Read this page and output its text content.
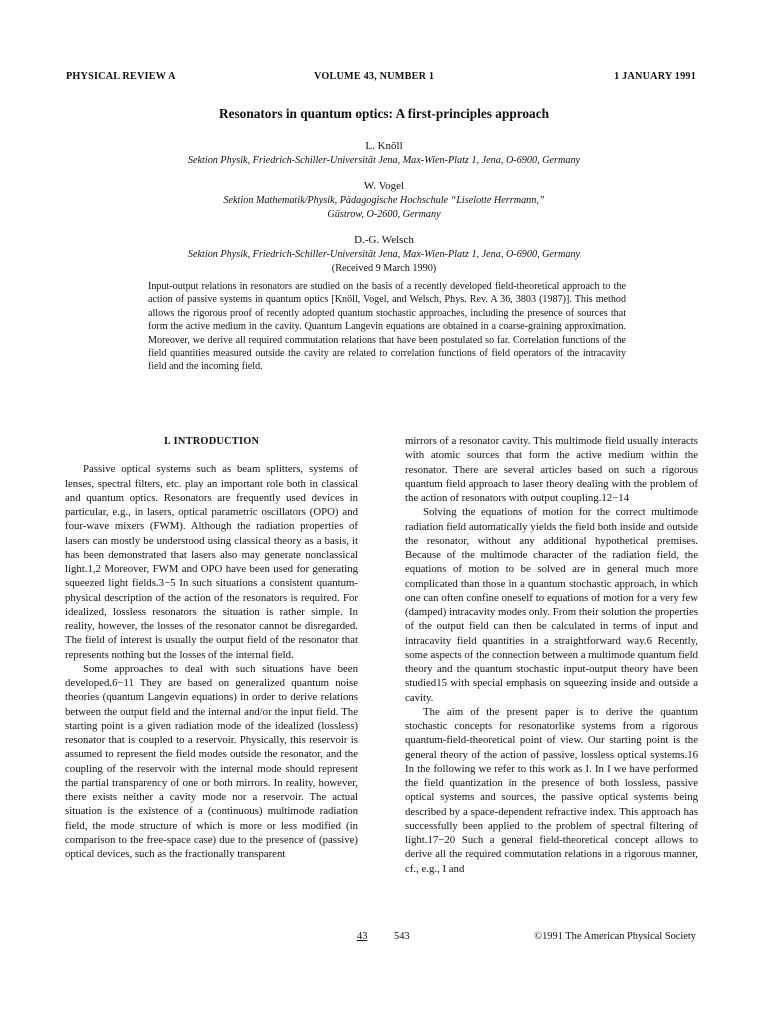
PHYSICAL REVIEW A	VOLUME 43, NUMBER 1	1 JANUARY 1991
Resonators in quantum optics: A first-principles approach
L. Knöll
Sektion Physik, Friedrich-Schiller-Universität Jena, Max-Wien-Platz 1, Jena, O-6900, Germany
W. Vogel
Sektion Mathematik/Physik, Pädagogische Hochschule “Liselotte Herrmann,”
Güstrow, O-2600, Germany
D.-G. Welsch
Sektion Physik, Friedrich-Schiller-Universität Jena, Max-Wien-Platz 1, Jena, O-6900, Germany
(Received 9 March 1990)
Input-output relations in resonators are studied on the basis of a recently developed field-theoretical approach to the action of passive systems in quantum optics [Knöll, Vogel, and Welsch, Phys. Rev. A 36, 3803 (1987)]. This method allows the rigorous proof of recently adopted quantum stochastic approaches, including the presence of sources that form the active medium in the cavity. Quantum Langevin equations are obtained in a coarse-graining approximation. Moreover, we derive all required commutation relations that have been postulated so far. Correlation functions of the field quantities measured outside the cavity are related to correlation functions of field operators of the intracavity field and the incoming field.
I. INTRODUCTION

Passive optical systems such as beam splitters, systems of lenses, spectral filters, etc. play an important role both in classical and quantum optics. Resonators are frequently used devices in particular, e.g., in lasers, optical parametric oscillators (OPO) and four-wave mixers (FWM). Although the radiation properties of lasers can mostly be understood using classical theory as a basis, it has been demonstrated that lasers also may generate nonclassical light.1,2 Moreover, FWM and OPO have been used for generating squeezed light fields.3−5 In such situations a consistent quantum-physical description of the action of the resonators is required. For idealized, lossless resonators the situation is rather simple. In reality, however, the losses of the resonator cannot be disregarded. The field of interest is usually the output field of the resonator that represents nothing but the losses of the internal field.

Some approaches to deal with such situations have been developed.6−11 They are based on generalized quantum noise theories (quantum Langevin equations) in order to derive relations between the output field and the internal and/or the input field. The starting point is a given radiation mode of the idealized (lossless) resonator that is coupled to a reservoir. Physically, this reservoir is assumed to represent the field modes outside the resonator, and the coupling of the reservoir with the internal mode should represent the partial transparency of one or both mirrors. In reality, however, there exists neither a cavity mode nor a reservoir. The actual situation is the existence of a (continuous) multimode radiation field, the mode structure of which is more or less modified (in comparison to the free-space case) due to the presence of (passive) optical devices, such as the fractionally transparent

mirrors of a resonator cavity. This multimode field usually interacts with atomic sources that form the active medium within the resonator. There are several articles based on such a rigorous quantum field approach to laser theory dealing with the problem of the action of resonators with output coupling.12−14

Solving the equations of motion for the correct multimode radiation field automatically yields the field both inside and outside the resonator, without any additional hypothetical premises. Because of the multimode character of the radiation field, the equations of motion to be solved are in general much more complicated than those in a quantum stochastic approach, in which one can often confine oneself to equations of motion for a very few (damped) intracavity modes only. From their solution the properties of the output field can then be calculated in terms of input and intracavity field quantities in a straightforward way.6 Recently, some aspects of the connection between a multimode quantum field theory and the quantum stochastic input-output theory have been studied15 with special emphasis on squeezing inside and outside a cavity.

The aim of the present paper is to derive the quantum stochastic concepts for resonatorlike systems from a rigorous quantum-field-theoretical point of view. Our starting point is the general theory of the action of passive, lossless optical systems.16 In the following we refer to this work as I. In I we have performed the field quantization in the presence of both lossless, passive optical systems and sources, the passive optical systems being described by a space-dependent refractive index. This approach has successfully been applied to the problem of spectral filtering of light.17−20 Such a general field-theoretical concept allows to derive all the required commutation relations in a rigorous manner, cf., e.g., I and

43	543	©1991 The American Physical Society
